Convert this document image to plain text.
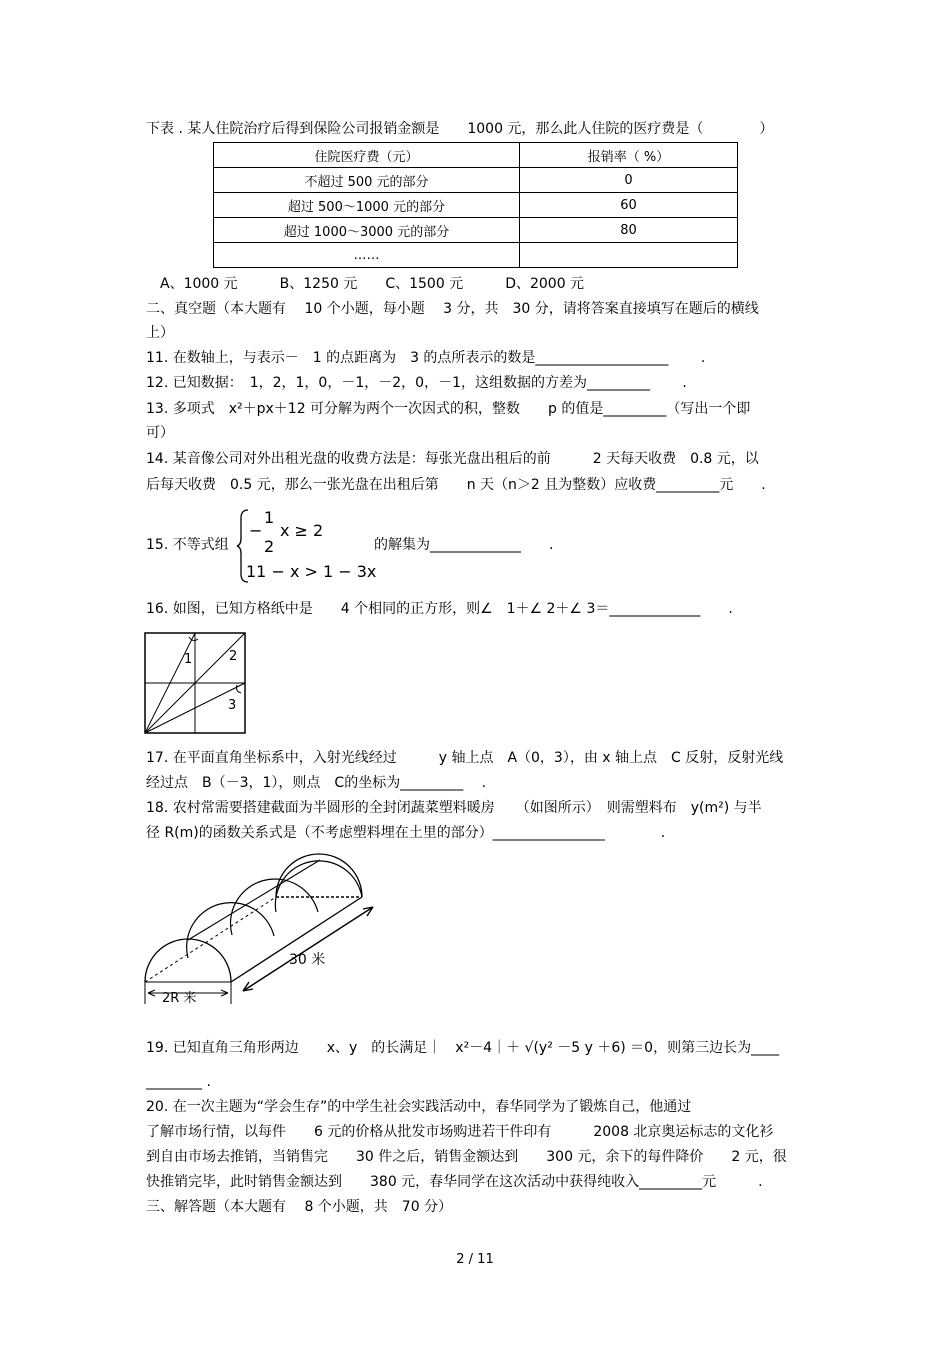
下表 . 某人住院治疗后得到保险公司报销金额是　　1000 元，那么此人住院的医疗费是（　　　　）
住院医疗费（元）	报销率（ %）
不超过 500 元的部分	0
超过 500～1000 元的部分	60
超过 1000～3000 元的部分	80
……	
A、1000 元　　　B、1250 元　　C、1500 元　　　D、2000 元
二、真空题（本大题有　 10 个小题，每小题　 3 分，共　30 分，请将答案直接填写在题后的横线
上）
11. 在数轴上，与表示－　1 的点距离为　3 的点所表示的数是___________________　　 .
12. 已知数据：　1，2，1，0，－1，－2，0，－1，这组数据的方差为_________　　 .
13. 多项式　x²＋px＋12 可分解为两个一次因式的积，整数　　p 的值是_________（写出一个即
可）
14. 某音像公司对外出租光盘的收费方法是：每张光盘出租后的前　　　2 天每天收费　0.8 元，以
后每天收费　0.5 元，那么一张光盘在出租后第　　n 天（n＞2 且为整数）应收费_________元　　.
15. 不等式组
−
1
2
x ≥ 2
11 − x > 1 − 3x
的解集为_____________　　.
16. 如图，已知方格纸中是　　4 个相同的正方形，则∠　1＋∠ 2＋∠ 3＝_____________　　.
1	2
3
17. 在平面直角坐标系中，入射光线经过　　　y 轴上点　A（0，3），由 x 轴上点　C 反射，反射光线
经过点　B（－3，1），则点　C的坐标为_________　 .
18. 农村常需要搭建截面为半圆形的全封闭蔬菜塑料暖房　　（如图所示）　则需塑料布　y(m²) 与半
径 R(m)的函数关系式是（不考虑塑料埋在土里的部分）________________　　　　.
30 米
2R 米
19. 已知直角三角形两边　　x、y　的长满足｜　x²－4｜＋ √(y² －5 y ＋6) ＝0，则第三边长为____
________ .
20. 在一次主题为“学会生存”的中学生社会实践活动中，春华同学为了锻炼自己，他通过
了解市场行情，以每件　　6 元的价格从批发市场购进若干件印有　　　2008 北京奥运标志的文化衫
到自由市场去推销，当销售完　　30 件之后，销售金额达到　　300 元，余下的每件降价　　2 元，很
快推销完毕，此时销售金额达到　　380 元，春华同学在这次活动中获得纯收入_________元　　　.
三、解答题（本大题有　 8 个小题，共　70 分）
2 / 11
